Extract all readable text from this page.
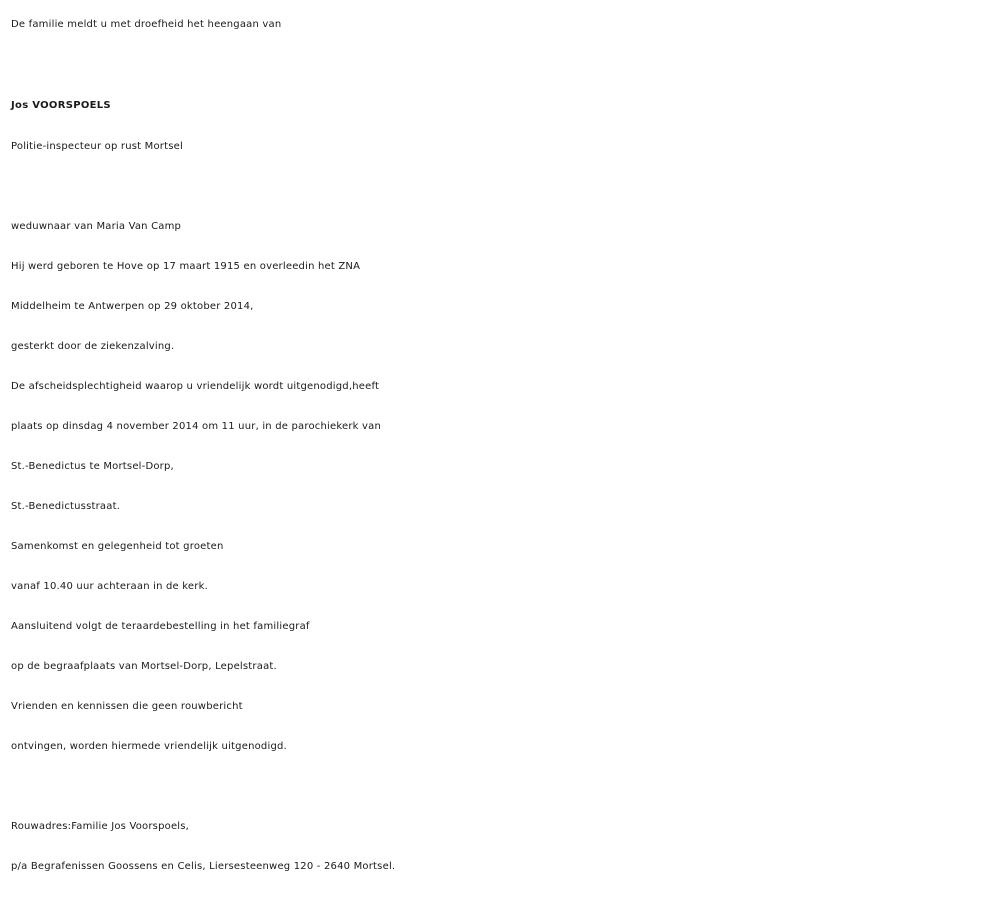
De familie meldt u met droefheid het heengaan van
Jos VOORSPOELS
Politie-inspecteur op rust Mortsel
weduwnaar van Maria Van Camp
Hij werd geboren te Hove op 17 maart 1915 en overleedin het ZNA
Middelheim te Antwerpen op 29 oktober 2014,
gesterkt door de ziekenzalving.
De afscheidsplechtigheid waarop u vriendelijk wordt uitgenodigd,heeft
plaats op dinsdag 4 november 2014 om 11 uur, in de parochiekerk van
St.-Benedictus te Mortsel-Dorp,
St.-Benedictusstraat.
Samenkomst en gelegenheid tot groeten
vanaf 10.40 uur achteraan in de kerk.
Aansluitend volgt de teraardebestelling in het familiegraf
op de begraafplaats van Mortsel-Dorp, Lepelstraat.
Vrienden en kennissen die geen rouwbericht
ontvingen, worden hiermede vriendelijk uitgenodigd.
Rouwadres:Familie Jos Voorspoels,
p/a Begrafenissen Goossens en Celis, Liersesteenweg 120 - 2640 Mortsel.
